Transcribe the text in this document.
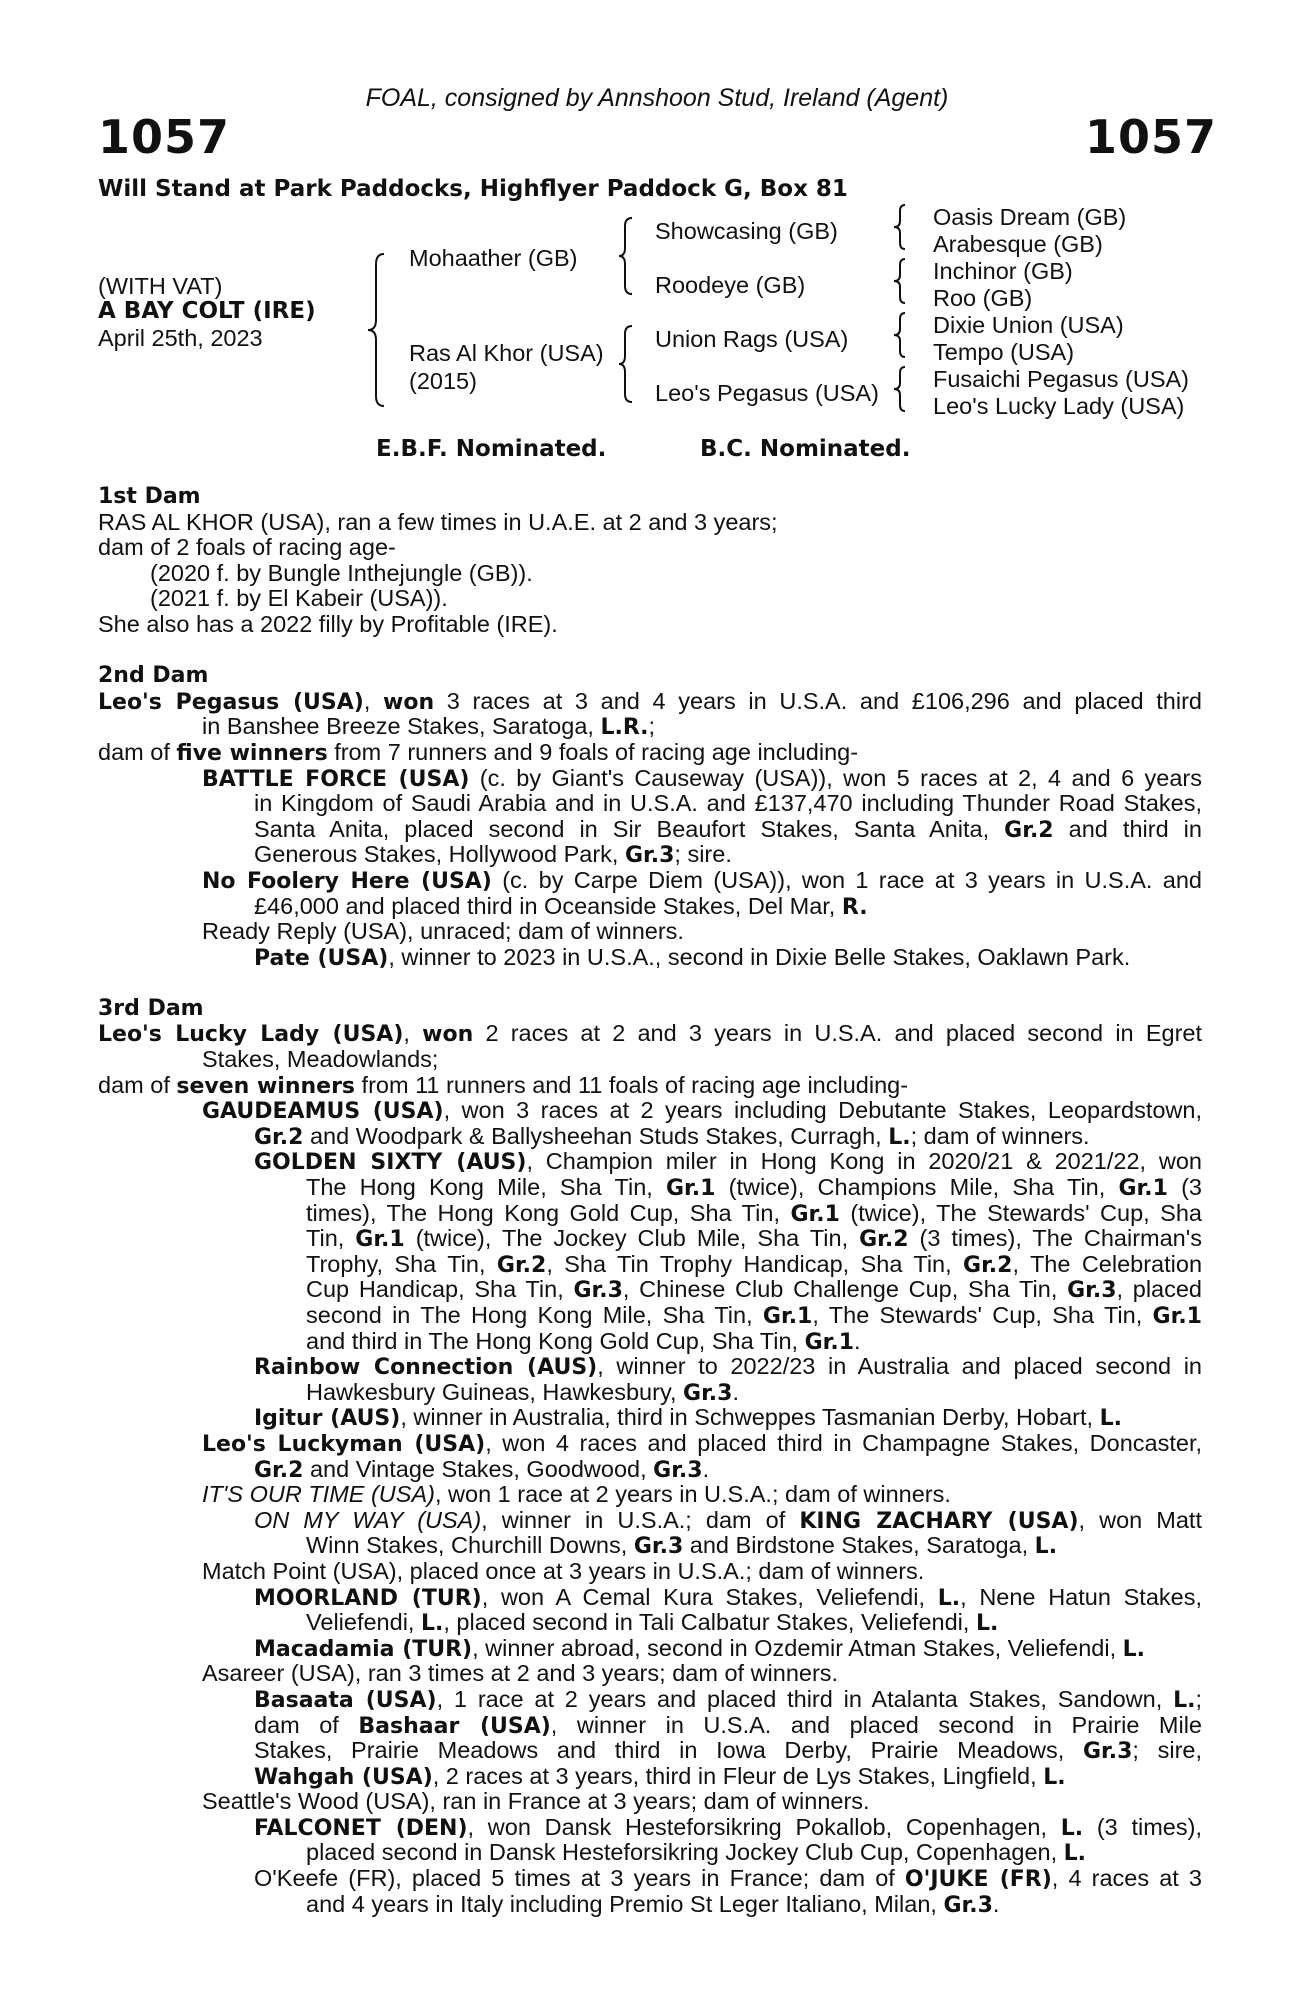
FOAL, consigned by Annshoon Stud, Ireland (Agent)
1057	1057
Will Stand at Park Paddocks, Highflyer Paddock G, Box 81
(WITH VAT)
A BAY COLT (IRE)
April 25th, 2023
Mohaather (GB)
Ras Al Khor (USA)
(2015)
Showcasing (GB)
Roodeye (GB)
Union Rags (USA)
Leo's Pegasus (USA)
Oasis Dream (GB)
Arabesque (GB)
Inchinor (GB)
Roo (GB)
Dixie Union (USA)
Tempo (USA)
Fusaichi Pegasus (USA)
Leo's Lucky Lady (USA)
E.B.F. Nominated.	B.C. Nominated.
1st Dam
RAS AL KHOR (USA), ran a few times in U.A.E. at 2 and 3 years;
dam of 2 foals of racing age-
(2020 f. by Bungle Inthejungle (GB)).
(2021 f. by El Kabeir (USA)).
She also has a 2022 filly by Profitable (IRE).
2nd Dam
Leo's Pegasus (USA), won 3 races at 3 and 4 years in U.S.A. and £106,296 and placed third
in Banshee Breeze Stakes, Saratoga, L.R.;
dam of five winners from 7 runners and 9 foals of racing age including-
BATTLE FORCE (USA) (c. by Giant's Causeway (USA)), won 5 races at 2, 4 and 6 years
in Kingdom of Saudi Arabia and in U.S.A. and £137,470 including Thunder Road Stakes,
Santa Anita, placed second in Sir Beaufort Stakes, Santa Anita, Gr.2 and third in
Generous Stakes, Hollywood Park, Gr.3; sire.
No Foolery Here (USA) (c. by Carpe Diem (USA)), won 1 race at 3 years in U.S.A. and
£46,000 and placed third in Oceanside Stakes, Del Mar, R.
Ready Reply (USA), unraced; dam of winners.
Pate (USA), winner to 2023 in U.S.A., second in Dixie Belle Stakes, Oaklawn Park.
3rd Dam
Leo's Lucky Lady (USA), won 2 races at 2 and 3 years in U.S.A. and placed second in Egret
Stakes, Meadowlands;
dam of seven winners from 11 runners and 11 foals of racing age including-
GAUDEAMUS (USA), won 3 races at 2 years including Debutante Stakes, Leopardstown,
Gr.2 and Woodpark & Ballysheehan Studs Stakes, Curragh, L.; dam of winners.
GOLDEN SIXTY (AUS), Champion miler in Hong Kong in 2020/21 & 2021/22, won
The Hong Kong Mile, Sha Tin, Gr.1 (twice), Champions Mile, Sha Tin, Gr.1 (3
times), The Hong Kong Gold Cup, Sha Tin, Gr.1 (twice), The Stewards' Cup, Sha
Tin, Gr.1 (twice), The Jockey Club Mile, Sha Tin, Gr.2 (3 times), The Chairman's
Trophy, Sha Tin, Gr.2, Sha Tin Trophy Handicap, Sha Tin, Gr.2, The Celebration
Cup Handicap, Sha Tin, Gr.3, Chinese Club Challenge Cup, Sha Tin, Gr.3, placed
second in The Hong Kong Mile, Sha Tin, Gr.1, The Stewards' Cup, Sha Tin, Gr.1
and third in The Hong Kong Gold Cup, Sha Tin, Gr.1.
Rainbow Connection (AUS), winner to 2022/23 in Australia and placed second in
Hawkesbury Guineas, Hawkesbury, Gr.3.
Igitur (AUS), winner in Australia, third in Schweppes Tasmanian Derby, Hobart, L.
Leo's Luckyman (USA), won 4 races and placed third in Champagne Stakes, Doncaster,
Gr.2 and Vintage Stakes, Goodwood, Gr.3.
IT'S OUR TIME (USA), won 1 race at 2 years in U.S.A.; dam of winners.
ON MY WAY (USA), winner in U.S.A.; dam of KING ZACHARY (USA), won Matt
Winn Stakes, Churchill Downs, Gr.3 and Birdstone Stakes, Saratoga, L.
Match Point (USA), placed once at 3 years in U.S.A.; dam of winners.
MOORLAND (TUR), won A Cemal Kura Stakes, Veliefendi, L., Nene Hatun Stakes,
Veliefendi, L., placed second in Tali Calbatur Stakes, Veliefendi, L.
Macadamia (TUR), winner abroad, second in Ozdemir Atman Stakes, Veliefendi, L.
Asareer (USA), ran 3 times at 2 and 3 years; dam of winners.
Basaata (USA), 1 race at 2 years and placed third in Atalanta Stakes, Sandown, L.;
dam of Bashaar (USA), winner in U.S.A. and placed second in Prairie Mile
Stakes, Prairie Meadows and third in Iowa Derby, Prairie Meadows, Gr.3; sire,
Wahgah (USA), 2 races at 3 years, third in Fleur de Lys Stakes, Lingfield, L.
Seattle's Wood (USA), ran in France at 3 years; dam of winners.
FALCONET (DEN), won Dansk Hesteforsikring Pokallob, Copenhagen, L. (3 times),
placed second in Dansk Hesteforsikring Jockey Club Cup, Copenhagen, L.
O'Keefe (FR), placed 5 times at 3 years in France; dam of O'JUKE (FR), 4 races at 3
and 4 years in Italy including Premio St Leger Italiano, Milan, Gr.3.
